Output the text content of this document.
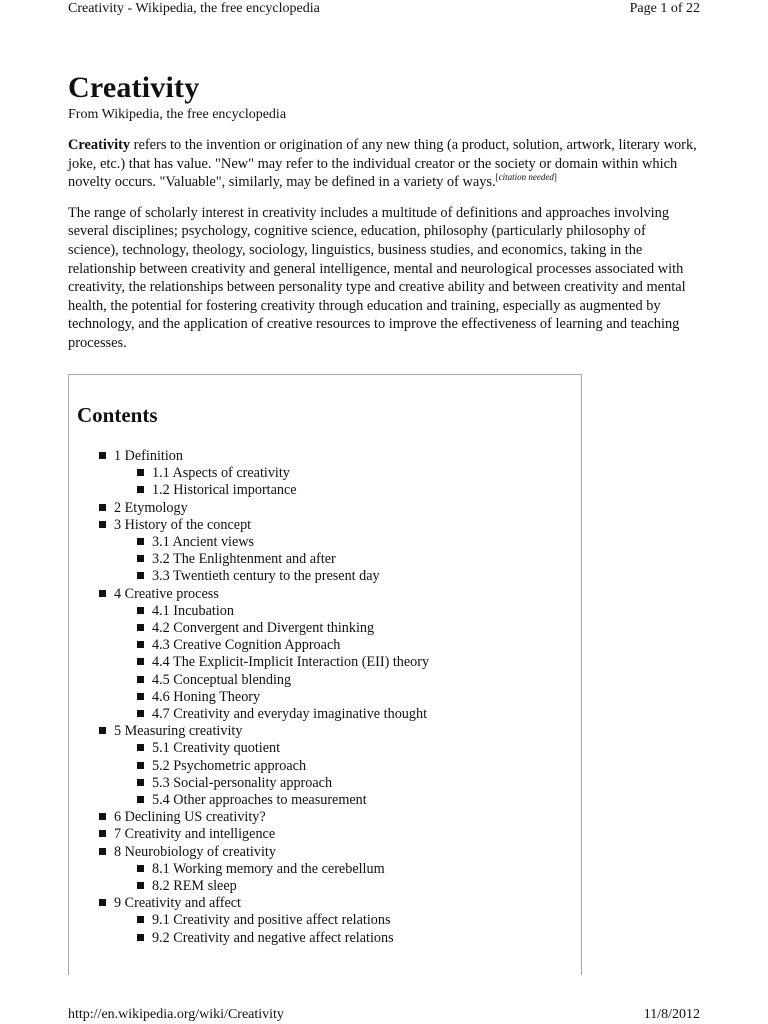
Creativity - Wikipedia, the free encyclopedia	Page 1 of 22
Creativity
From Wikipedia, the free encyclopedia

Creativity refers to the invention or origination of any new thing (a product, solution, artwork, literary work, joke, etc.) that has value. "New" may refer to the individual creator or the society or domain within which novelty occurs. "Valuable", similarly, may be defined in a variety of ways.[citation needed]

The range of scholarly interest in creativity includes a multitude of definitions and approaches involving several disciplines; psychology, cognitive science, education, philosophy (particularly philosophy of science), technology, theology, sociology, linguistics, business studies, and economics, taking in the relationship between creativity and general intelligence, mental and neurological processes associated with creativity, the relationships between personality type and creative ability and between creativity and mental health, the potential for fostering creativity through education and training, especially as augmented by technology, and the application of creative resources to improve the effectiveness of learning and teaching processes.

Contents
1 Definition
1.1 Aspects of creativity
1.2 Historical importance
2 Etymology
3 History of the concept
3.1 Ancient views
3.2 The Enlightenment and after
3.3 Twentieth century to the present day
4 Creative process
4.1 Incubation
4.2 Convergent and Divergent thinking
4.3 Creative Cognition Approach
4.4 The Explicit-Implicit Interaction (EII) theory
4.5 Conceptual blending
4.6 Honing Theory
4.7 Creativity and everyday imaginative thought
5 Measuring creativity
5.1 Creativity quotient
5.2 Psychometric approach
5.3 Social-personality approach
5.4 Other approaches to measurement
6 Declining US creativity?
7 Creativity and intelligence
8 Neurobiology of creativity
8.1 Working memory and the cerebellum
8.2 REM sleep
9 Creativity and affect
9.1 Creativity and positive affect relations
9.2 Creativity and negative affect relations
http://en.wikipedia.org/wiki/Creativity	11/8/2012
